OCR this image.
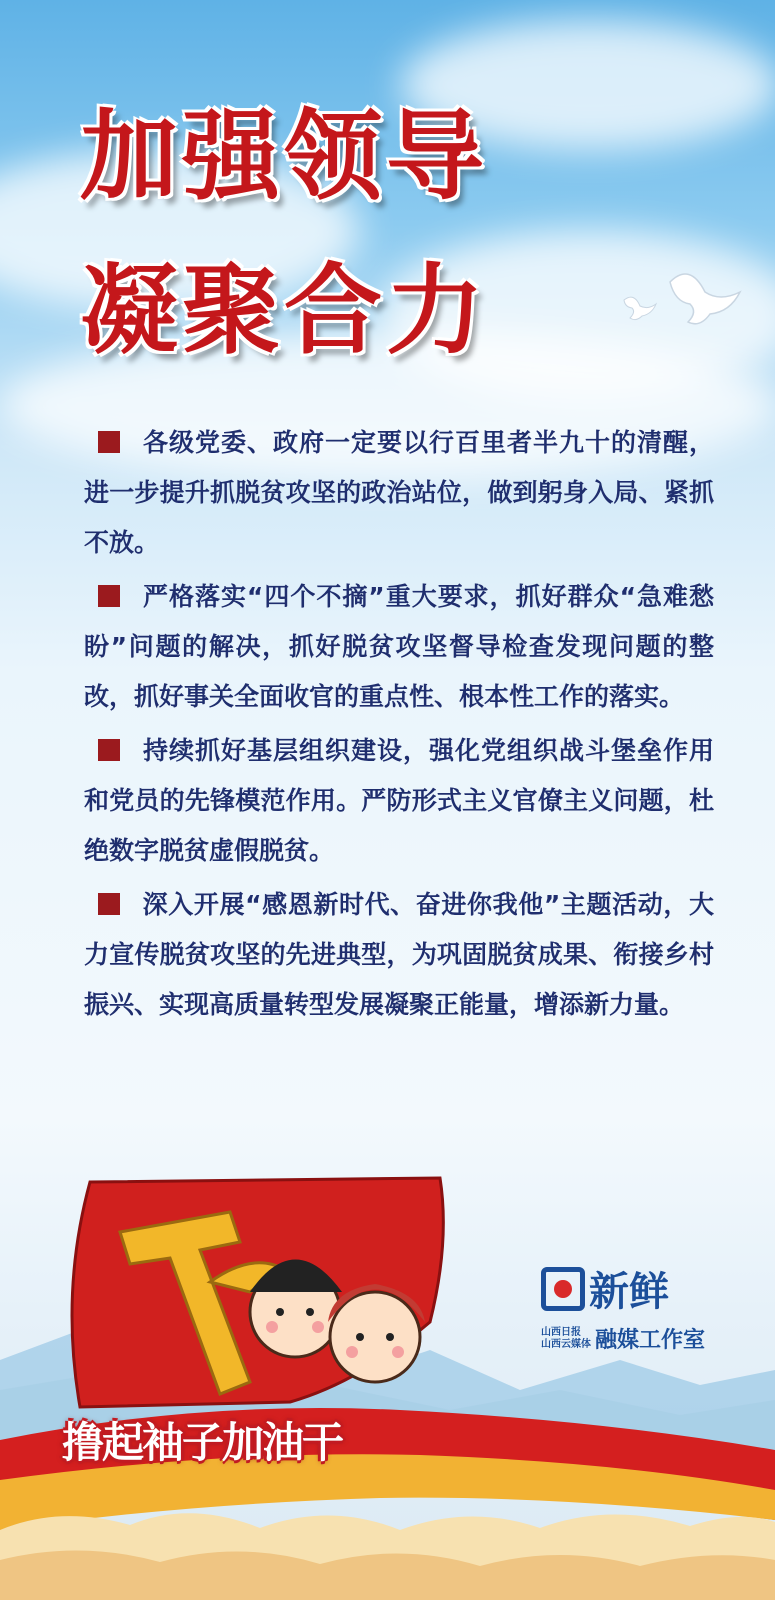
加强领导
凝聚合力

各级党委、政府一定要以行百里者半九十的清醒，进一步提升抓脱贫攻坚的政治站位，做到躬身入局、紧抓不放。

严格落实“四个不摘”重大要求，抓好群众“急难愁盼”问题的解决，抓好脱贫攻坚督导检查发现问题的整改，抓好事关全面收官的重点性、根本性工作的落实。

持续抓好基层组织建设，强化党组织战斗堡垒作用和党员的先锋模范作用。严防形式主义官僚主义问题，杜绝数字脱贫虚假脱贫。

深入开展“感恩新时代、奋进你我他”主题活动，大力宣传脱贫攻坚的先进典型，为巩固脱贫成果、衔接乡村振兴、实现高质量转型发展凝聚正能量，增添新力量。

撸起袖子加油干
新鲜
山西日报
山西云媒体 融媒工作室
